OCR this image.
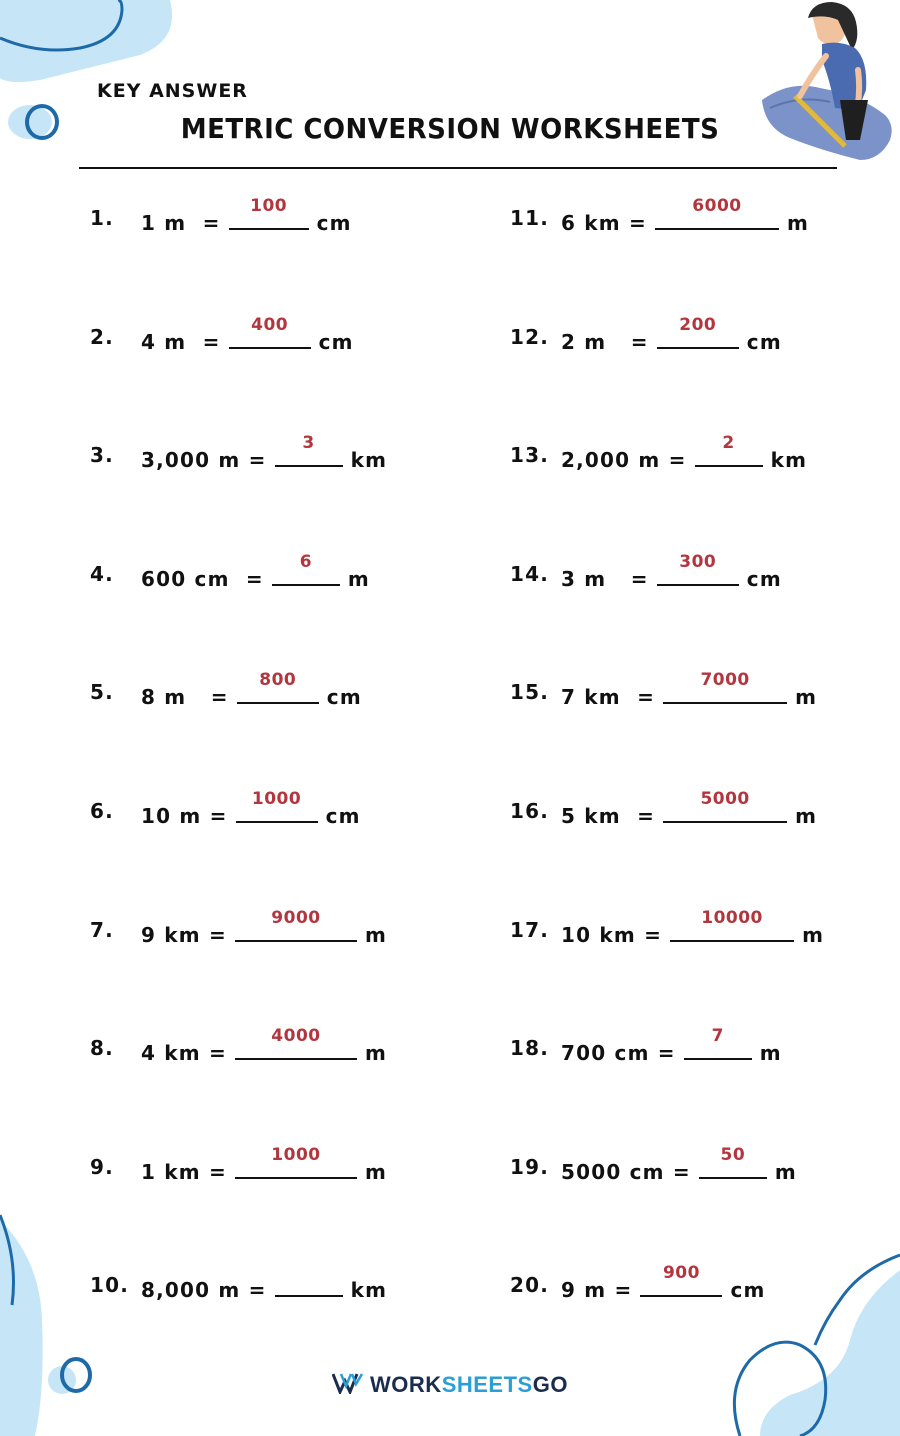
KEY ANSWER
METRIC CONVERSION WORKSHEETS
1. 1 m  =
100
cm
2. 4 m  =
400
cm
3. 3,000 m =
3
km
4. 600 cm  =
6
m
5. 8 m   =
800
cm
6. 10 m =
1000
cm
7. 9 km =
9000
m
8. 4 km =
4000
m
9. 1 km =
1000
m
10. 8,000 m =	km
11. 6 km =
6000
m
12. 2 m   =
200
cm
13. 2,000 m =
2
km
14. 3 m   =
300
cm
15. 7 km  =
7000
m
16. 5 km  =
5000
m
17. 10 km =
10000
m
18. 700 cm =
7
m
19. 5000 cm =
50
m
20. 9 m =
900
cm
WORKSHEETSGO
